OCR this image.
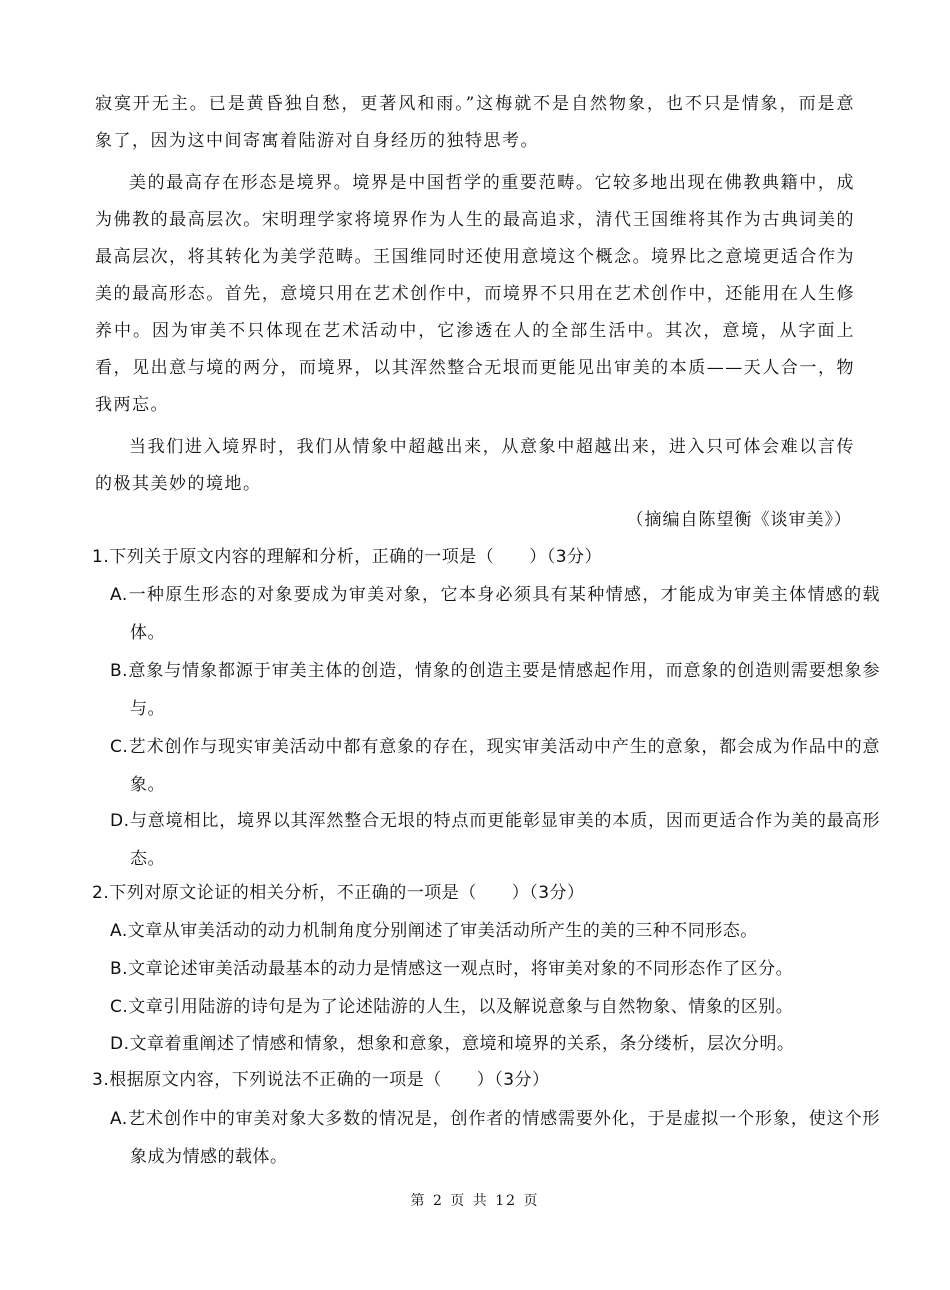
寂寞开无主。已是黄昏独自愁，更著风和雨。”这梅就不是自然物象，也不只是情象，而是意象了，因为这中间寄寓着陆游对自身经历的独特思考。

美的最高存在形态是境界。境界是中国哲学的重要范畴。它较多地出现在佛教典籍中，成为佛教的最高层次。宋明理学家将境界作为人生的最高追求，清代王国维将其作为古典词美的最高层次，将其转化为美学范畴。王国维同时还使用意境这个概念。境界比之意境更适合作为美的最高形态。首先，意境只用在艺术创作中，而境界不只用在艺术创作中，还能用在人生修养中。因为审美不只体现在艺术活动中，它渗透在人的全部生活中。其次，意境，从字面上看，见出意与境的两分，而境界，以其浑然整合无垠而更能见出审美的本质——天人合一，物我两忘。

当我们进入境界时，我们从情象中超越出来，从意象中超越出来，进入只可体会难以言传的极其美妙的境地。

（摘编自陈望衡《谈审美》）

1.下列关于原文内容的理解和分析，正确的一项是（　　）（3分）

A.一种原生形态的对象要成为审美对象，它本身必须具有某种情感，才能成为审美主体情感的载体。

B.意象与情象都源于审美主体的创造，情象的创造主要是情感起作用，而意象的创造则需要想象参与。

C.艺术创作与现实审美活动中都有意象的存在，现实审美活动中产生的意象，都会成为作品中的意象。

D.与意境相比，境界以其浑然整合无垠的特点而更能彰显审美的本质，因而更适合作为美的最高形态。

2.下列对原文论证的相关分析，不正确的一项是（　　）（3分）

A.文章从审美活动的动力机制角度分别阐述了审美活动所产生的美的三种不同形态。

B.文章论述审美活动最基本的动力是情感这一观点时，将审美对象的不同形态作了区分。

C.文章引用陆游的诗句是为了论述陆游的人生，以及解说意象与自然物象、情象的区别。

D.文章着重阐述了情感和情象，想象和意象，意境和境界的关系，条分缕析，层次分明。

3.根据原文内容，下列说法不正确的一项是（　　）（3分）

A.艺术创作中的审美对象大多数的情况是，创作者的情感需要外化，于是虚拟一个形象，使这个形象成为情感的载体。

第 2 页 共 12 页
